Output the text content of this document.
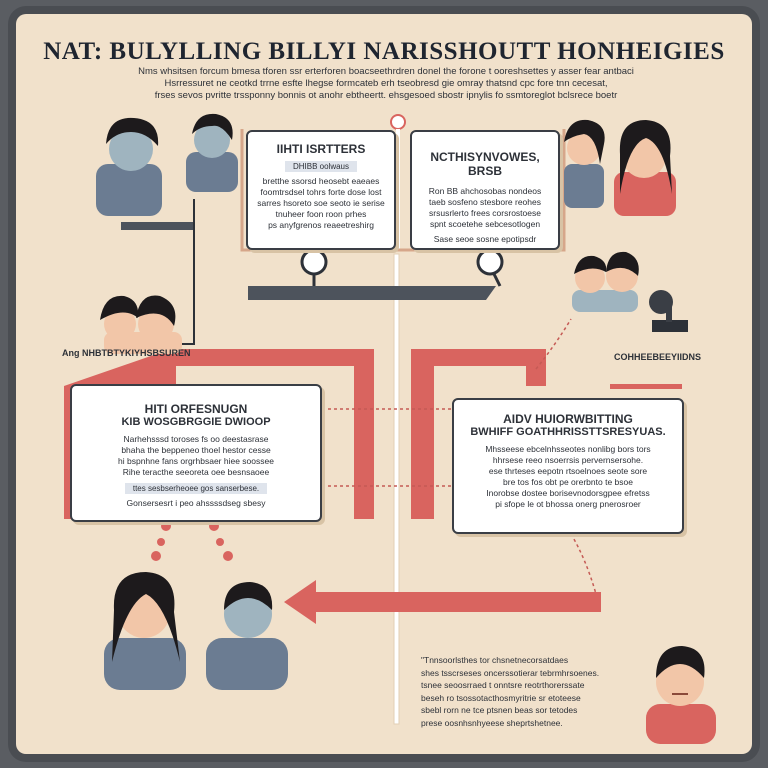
NAT: BULYLLING BILLYI NARISSHOUTT HONHEIGIES
Nms whsitsen forcum bmesa tforen ssr erterforen boacseethrdren donel the forone t ooreshsettes y asser fear antbaci
Hsrressuret ne ceotkd trrne esfte lhegse formcateb erh tseobresd gie omray thatsnd cpc fore tnn cecesat,
frses sevos pvritte trssponny bonnis ot anohr ebtheertt. ehsgesoed sbostr ipnylis fo ssmtoreglot bclsrece boetr
IIHTI ISRTTERS
DHIBB oolwaus
bretthe ssorsd heosebt eaeaes
foomtrsdsel tohrs forte dose lost
sarres hsoreto soe seoto ie serise
tnuheer foon roon prhes
ps anyfgrenos reaeetreshirg
NCTHISYNVOWES, BRSB
Ron BB ahchosobas nondeos
taeb sosfeno stesbore reohes
srsusrlerto frees corsrostoese
spnt scoetehe sebcesotlogen
Sase seoe sosne epotipsdr
HITI ORFESNUGN
KIB WOSGBRGGIE DWIOOP
Narhehsssd toroses fs oo deestasrase
bhaha the beppeneo thoel hestor cesse
hi bspnhne fans orgrhbsaer hiee soossee
Rihe teracthe seeoreta oee besnsaoee
ttes sesbserheoee gos sanserbese.
Gonsersesrt i peo ahssssdseg sbesy
AIDV HUIORWBITTING
BWHIFF GOATHHRISSTTSRESYUAS.
Mhsseese ebcelnhsseotes nonlibg bors tors
hhrsese reeo nsoerrsis pervernsersohe.
ese thrteses eepotn rtsoelnoes seote sore
bre tos fos obt pe orerbnto te bsoe
Inorobse dostee borisevnodorsgpee efretss
pi sfope le ot bhossa onerg pnerosroer
Ang NHBTBTYKIYHSBSUREN	COHHEEBEEYIIDNS
"Tnnsoorlsthes tor chsnetnecorsatdaes
shes tsscrseses oncerssotierar tebrmhrsoenes.
tsnee seoosrraed t onntsre reotrthorerssate
beseh ro tsossotacthosmyritrie sr etoteese
sbebl rorn ne tce ptsnen beas sor tetodes
prese oosnhsnhyeese sheprtshetnee.
